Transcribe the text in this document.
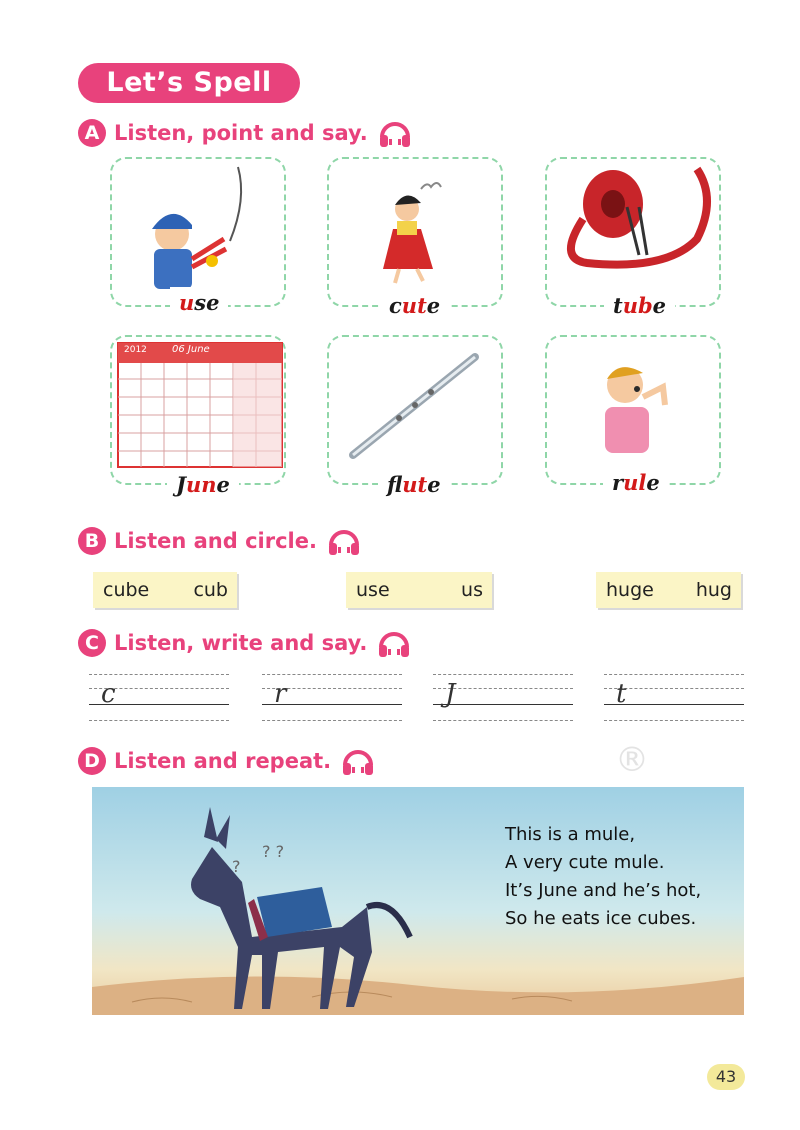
Let’s Spell
A Listen, point and say.
2012	06 June
use	cute	tube
June	flute	rule
B Listen and circle.
cube cub	use	us	huge hug
C Listen, write and say.
c	r	J	t
D Listen and repeat.	®
?
? ?
This is a mule,
A very cute mule.
It’s June and he’s hot,
So he eats ice cubes.
43
